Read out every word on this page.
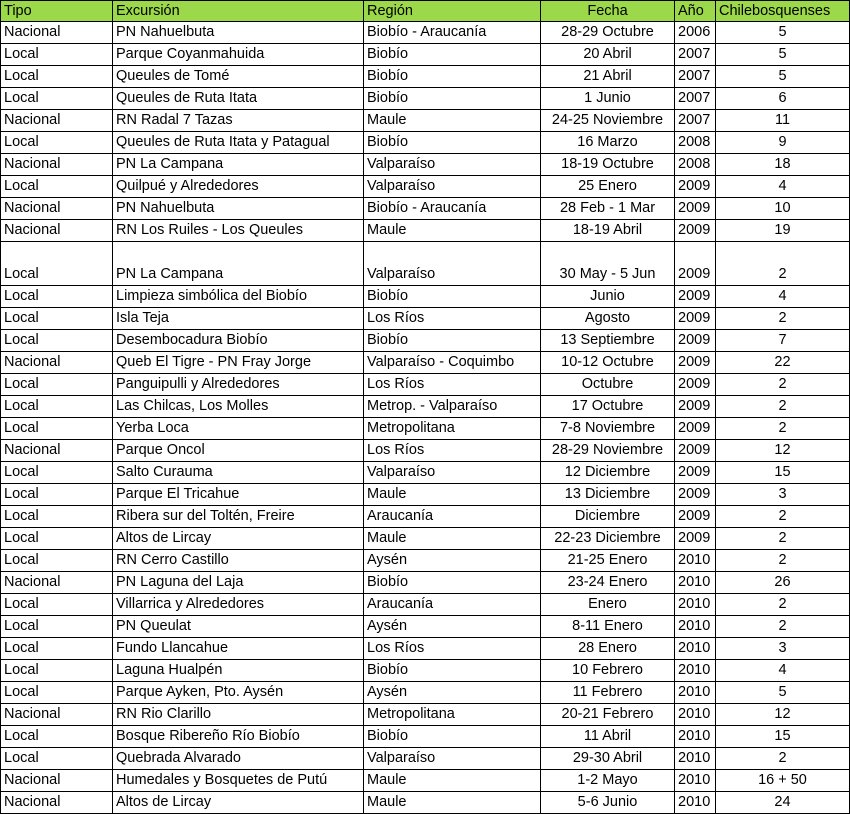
Tipo	Excursión	Región	Fecha	Año	Chilebosquenses
Nacional	PN Nahuelbuta	Biobío - Araucanía	28-29 Octubre	2006	5
Local	Parque Coyanmahuida	Biobío	20 Abril	2007	5
Local	Queules de Tomé	Biobío	21 Abril	2007	5
Local	Queules de Ruta Itata	Biobío	1 Junio	2007	6
Nacional	RN Radal 7 Tazas	Maule	24-25 Noviembre	2007	11
Local	Queules de Ruta Itata y Patagual	Biobío	16 Marzo	2008	9
Nacional	PN La Campana	Valparaíso	18-19 Octubre	2008	18
Local	Quilpué y Alrededores	Valparaíso	25 Enero	2009	4
Nacional	PN Nahuelbuta	Biobío - Araucanía	28 Feb - 1 Mar	2009	10
Nacional	RN Los Ruiles - Los Queules	Maule	18-19 Abril	2009	19
Local	PN La Campana	Valparaíso	30 May - 5 Jun	2009	2
Local	Limpieza simbólica del Biobío	Biobío	Junio	2009	4
Local	Isla Teja	Los Ríos	Agosto	2009	2
Local	Desembocadura Biobío	Biobío	13 Septiembre	2009	7
Nacional	Queb El Tigre - PN Fray Jorge	Valparaíso - Coquimbo	10-12 Octubre	2009	22
Local	Panguipulli y Alrededores	Los Ríos	Octubre	2009	2
Local	Las Chilcas, Los Molles	Metrop. - Valparaíso	17 Octubre	2009	2
Local	Yerba Loca	Metropolitana	7-8 Noviembre	2009	2
Nacional	Parque Oncol	Los Ríos	28-29 Noviembre	2009	12
Local	Salto Curauma	Valparaíso	12 Diciembre	2009	15
Local	Parque El Tricahue	Maule	13 Diciembre	2009	3
Local	Ribera sur del Toltén, Freire	Araucanía	Diciembre	2009	2
Local	Altos de Lircay	Maule	22-23 Diciembre	2009	2
Local	RN Cerro Castillo	Aysén	21-25 Enero	2010	2
Nacional	PN Laguna del Laja	Biobío	23-24 Enero	2010	26
Local	Villarrica y Alrededores	Araucanía	Enero	2010	2
Local	PN Queulat	Aysén	8-11 Enero	2010	2
Local	Fundo Llancahue	Los Ríos	28 Enero	2010	3
Local	Laguna Hualpén	Biobío	10 Febrero	2010	4
Local	Parque Ayken, Pto. Aysén	Aysén	11 Febrero	2010	5
Nacional	RN Rio Clarillo	Metropolitana	20-21 Febrero	2010	12
Local	Bosque Ribereño Río Biobío	Biobío	11 Abril	2010	15
Local	Quebrada Alvarado	Valparaíso	29-30 Abril	2010	2
Nacional	Humedales y Bosquetes de Putú	Maule	1-2 Mayo	2010	16 + 50
Nacional	Altos de Lircay	Maule	5-6 Junio	2010	24
